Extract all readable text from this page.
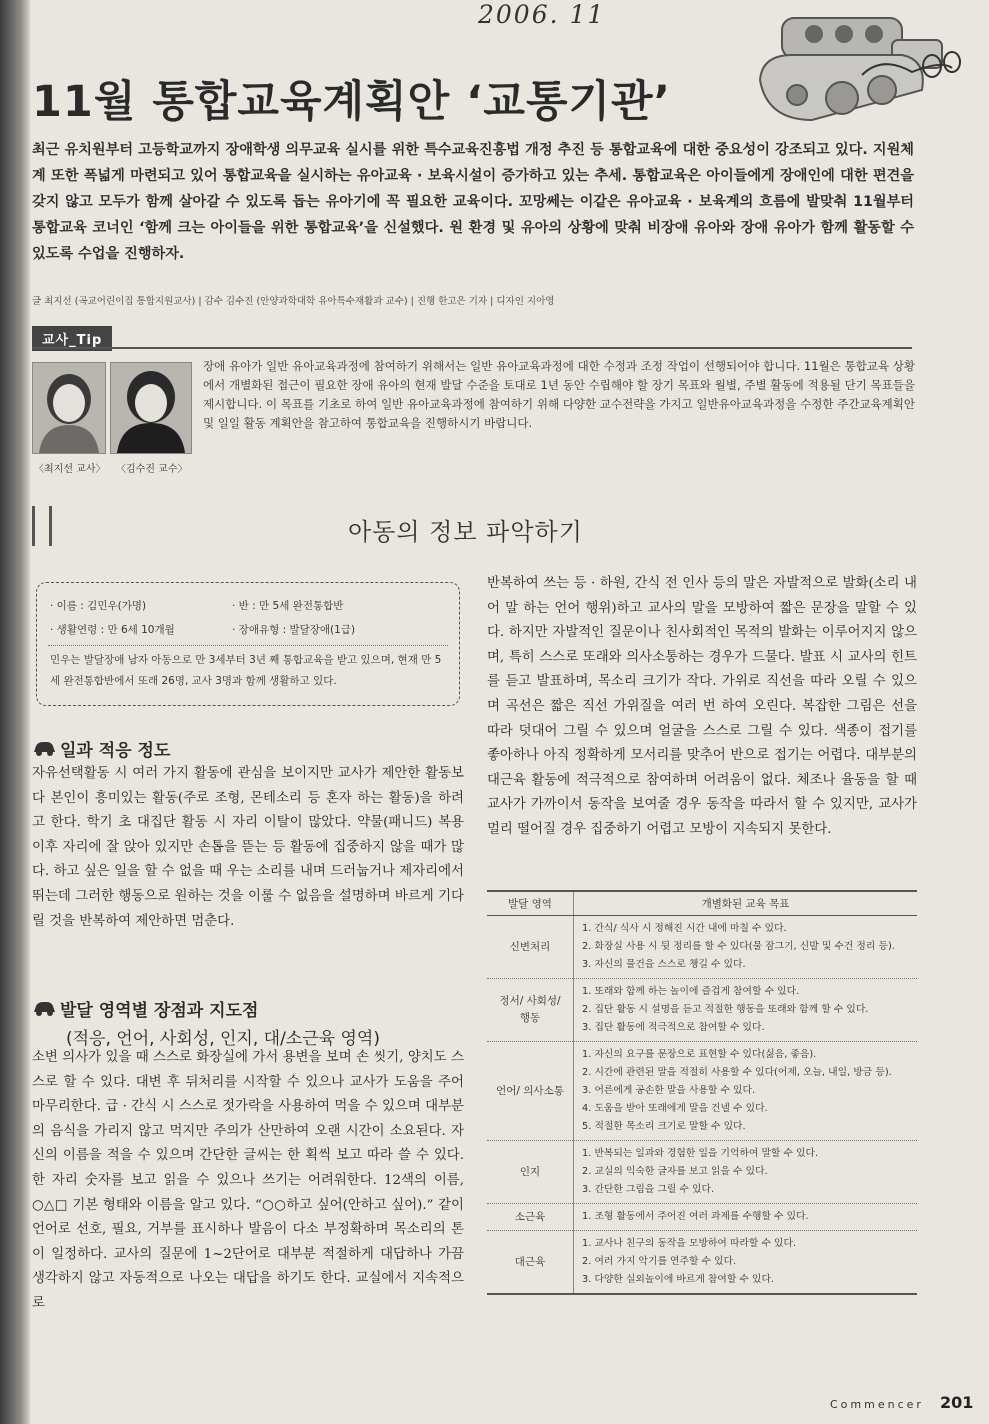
2006. 11
11월 통합교육계획안 ‘교통기관’
최근 유치원부터 고등학교까지 장애학생 의무교육 실시를 위한 특수교육진흥법 개정 추진 등 통합교육에 대한 중요성이 강조되고 있다. 지원체계 또한 폭넓게 마련되고 있어 통합교육을 실시하는 유아교육 · 보육시설이 증가하고 있는 추세. 통합교육은 아이들에게 장애인에 대한 편견을 갖지 않고 모두가 함께 살아갈 수 있도록 돕는 유아기에 꼭 필요한 교육이다. 꼬망쎄는 이같은 유아교육 · 보육계의 흐름에 발맞춰 11월부터 통합교육 코너인 ‘함께 크는 아이들을 위한 통합교육’을 신설했다. 원 환경 및 유아의 상황에 맞춰 비장애 유아와 장애 유아가 함께 활동할 수 있도록 수업을 진행하자.
글 최지선 (곡교어린이집 통합지원교사) | 감수 김수진 (안양과학대학 유아특수재활과 교수) | 진행 한고은 기자 | 디자인 지아영
교사_Tip
〈최지선 교사〉 〈김수진 교수〉
장애 유아가 일반 유아교육과정에 참여하기 위해서는 일반 유아교육과정에 대한 수정과 조정 작업이 선행되어야 합니다. 11월은 통합교육 상황에서 개별화된 접근이 필요한 장애 유아의 현재 발달 수준을 토대로 1년 동안 수립해야 할 장기 목표와 월별, 주별 활동에 적용될 단기 목표들을 제시합니다. 이 목표를 기초로 하여 일반 유아교육과정에 참여하기 위해 다양한 교수전략을 가지고 일반유아교육과정을 수정한 주간교육계획안 및 일일 활동 계획안을 참고하여 통합교육을 진행하시기 바랍니다.
아동의 정보 파악하기
· 이름 : 김민우(가명)	· 반 : 만 5세 완전통합반
· 생활연령 : 만 6세 10개월	· 장애유형 : 발달장애(1급)
민우는 발달장애 남자 아동으로 만 3세부터 3년 째 통합교육을 받고 있으며, 현재 만 5세 완전통합반에서 또래 26명, 교사 3명과 함께 생활하고 있다.
일과 적응 정도
자유선택활동 시 여러 가지 활동에 관심을 보이지만 교사가 제안한 활동보다 본인이 흥미있는 활동(주로 조형, 몬테소리 등 혼자 하는 활동)을 하려고 한다. 학기 초 대집단 활동 시 자리 이탈이 많았다. 약물(패니드) 복용 이후 자리에 잘 앉아 있지만 손톱을 뜯는 등 활동에 집중하지 않을 때가 많다. 하고 싶은 일을 할 수 없을 때 우는 소리를 내며 드러눕거나 제자리에서 뛰는데 그러한 행동으로 원하는 것을 이룰 수 없음을 설명하며 바르게 기다릴 것을 반복하여 제안하면 멈춘다.
발달 영역별 장점과 지도점
(적응, 언어, 사회성, 인지, 대/소근육 영역)
소변 의사가 있을 때 스스로 화장실에 가서 용변을 보며 손 씻기, 양치도 스스로 할 수 있다. 대변 후 뒤처리를 시작할 수 있으나 교사가 도움을 주어 마무리한다. 급 · 간식 시 스스로 젓가락을 사용하여 먹을 수 있으며 대부분의 음식을 가리지 않고 먹지만 주의가 산만하여 오랜 시간이 소요된다. 자신의 이름을 적을 수 있으며 간단한 글씨는 한 획씩 보고 따라 쓸 수 있다. 한 자리 숫자를 보고 읽을 수 있으나 쓰기는 어려워한다. 12색의 이름, ○△□ 기본 형태와 이름을 알고 있다. “○○하고 싶어(안하고 싶어).” 같이 언어로 선호, 필요, 거부를 표시하나 발음이 다소 부정확하며 목소리의 톤이 일정하다. 교사의 질문에 1~2단어로 대부분 적절하게 대답하나 가끔 생각하지 않고 자동적으로 나오는 대답을 하기도 한다. 교실에서 지속적으로
반복하여 쓰는 등 · 하원, 간식 전 인사 등의 말은 자발적으로 발화(소리 내어 말 하는 언어 행위)하고 교사의 말을 모방하여 짧은 문장을 말할 수 있다. 하지만 자발적인 질문이나 친사회적인 목적의 발화는 이루어지지 않으며, 특히 스스로 또래와 의사소통하는 경우가 드물다. 발표 시 교사의 힌트를 듣고 발표하며, 목소리 크기가 작다. 가위로 직선을 따라 오릴 수 있으며 곡선은 짧은 직선 가위질을 여러 번 하여 오린다. 복잡한 그림은 선을 따라 덧대어 그릴 수 있으며 얼굴을 스스로 그릴 수 있다. 색종이 접기를 좋아하나 아직 정확하게 모서리를 맞추어 반으로 접기는 어렵다. 대부분의 대근육 활동에 적극적으로 참여하며 어려움이 없다. 체조나 율동을 할 때 교사가 가까이서 동작을 보여줄 경우 동작을 따라서 할 수 있지만, 교사가 멀리 떨어질 경우 집중하기 어렵고 모방이 지속되지 못한다.
발달 영역	개별화된 교육 목표
신변처리	1. 간식/ 식사 시 정해진 시간 내에 마칠 수 있다.
2. 화장실 사용 시 뒷 정리를 할 수 있다(물 잠그기, 신발 및 수건 정리 등).
3. 자신의 물건을 스스로 챙길 수 있다.

정서/ 사회성/ 행동	1. 또래와 함께 하는 놀이에 즐겁게 참여할 수 있다.
2. 집단 활동 시 설명을 듣고 적절한 행동을 또래와 함께 할 수 있다.
3. 집단 활동에 적극적으로 참여할 수 있다.

언어/ 의사소통	1. 자신의 요구를 문장으로 표현할 수 있다(싫음, 좋음).
2. 시간에 관련된 말을 적절히 사용할 수 있다(어제, 오늘, 내일, 방금 등).
3. 어른에게 공손한 말을 사용할 수 있다.
4. 도움을 받아 또래에게 말을 건넬 수 있다.
5. 적절한 목소리 크기로 말할 수 있다.

인지	1. 반복되는 일과와 경험한 일을 기억하여 말할 수 있다.
2. 교실의 익숙한 글자를 보고 읽을 수 있다.
3. 간단한 그림을 그릴 수 있다.

소근육	1. 조형 활동에서 주어진 여러 과제를 수행할 수 있다.

대근육	1. 교사나 친구의 동작을 모방하여 따라할 수 있다.
2. 여러 가지 악기를 연주할 수 있다.
3. 다양한 실외놀이에 바르게 참여할 수 있다.
Commencer 201
